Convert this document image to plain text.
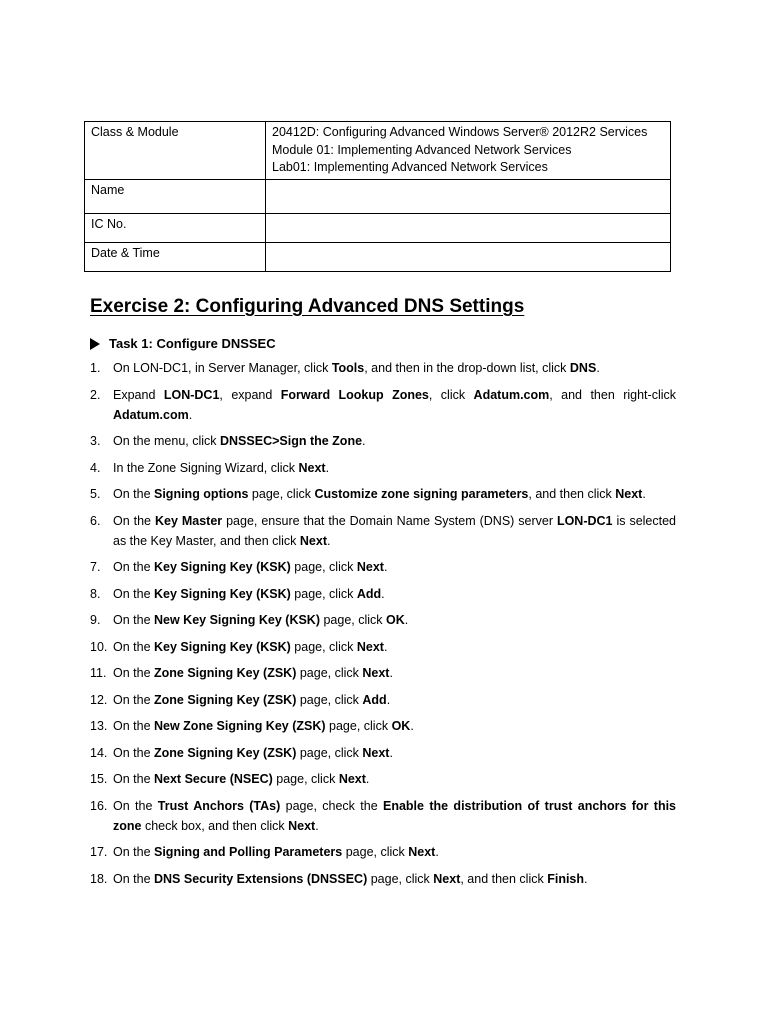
Class & Module	20412D: Configuring Advanced Windows Server® 2012R2 Services
Module 01: Implementing Advanced Network Services
Lab01: Implementing Advanced Network Services

Name	
IC No.	
Date & Time	
Exercise 2: Configuring Advanced DNS Settings
Task 1: Configure DNSSEC
1. On LON-DC1, in Server Manager, click Tools, and then in the drop-down list, click DNS.
2. Expand LON-DC1, expand Forward Lookup Zones, click Adatum.com, and then right-click Adatum.com.
3. On the menu, click DNSSEC>Sign the Zone.
4. In the Zone Signing Wizard, click Next.
5. On the Signing options page, click Customize zone signing parameters, and then click Next.
6. On the Key Master page, ensure that the Domain Name System (DNS) server LON-DC1 is selected as the Key Master, and then click Next.
7. On the Key Signing Key (KSK) page, click Next.
8. On the Key Signing Key (KSK) page, click Add.
9. On the New Key Signing Key (KSK) page, click OK.
10. On the Key Signing Key (KSK) page, click Next.
11. On the Zone Signing Key (ZSK) page, click Next.
12. On the Zone Signing Key (ZSK) page, click Add.
13. On the New Zone Signing Key (ZSK) page, click OK.
14. On the Zone Signing Key (ZSK) page, click Next.
15. On the Next Secure (NSEC) page, click Next.
16. On the Trust Anchors (TAs) page, check the Enable the distribution of trust anchors for this zone check box, and then click Next.
17. On the Signing and Polling Parameters page, click Next.
18. On the DNS Security Extensions (DNSSEC) page, click Next, and then click Finish.
